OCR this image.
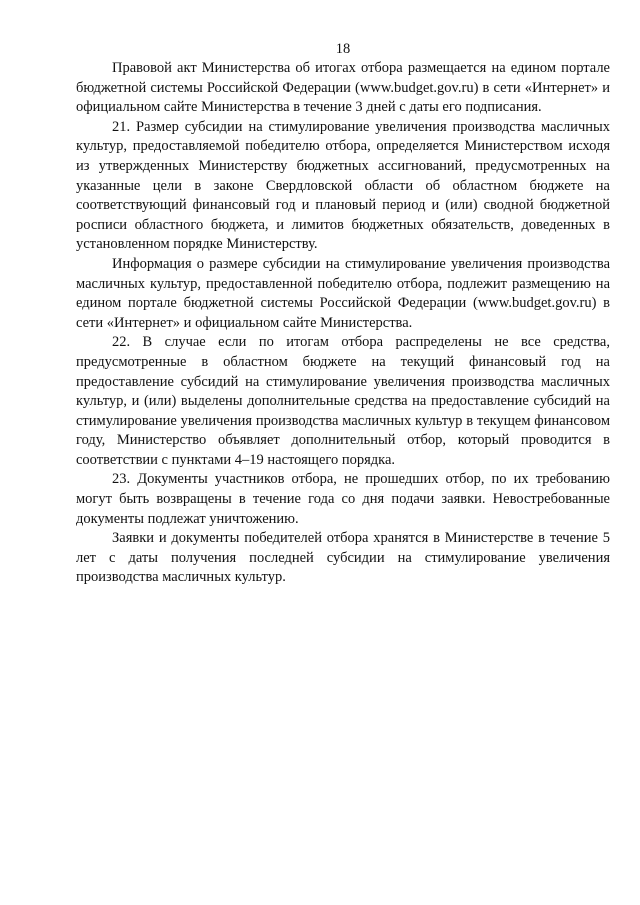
18

Правовой акт Министерства об итогах отбора размещается на едином портале бюджетной системы Российской Федерации (www.budget.gov.ru) в сети «Интернет» и официальном сайте Министерства в течение 3 дней с даты его подписания.

21. Размер субсидии на стимулирование увеличения производства масличных культур, предоставляемой победителю отбора, определяется Министерством исходя из утвержденных Министерству бюджетных ассигнований, предусмотренных на указанные цели в законе Свердловской области об областном бюджете на соответствующий финансовый год и плановый период и (или) сводной бюджетной росписи областного бюджета, и лимитов бюджетных обязательств, доведенных в установленном порядке Министерству.

Информация о размере субсидии на стимулирование увеличения производства масличных культур, предоставленной победителю отбора, подлежит размещению на едином портале бюджетной системы Российской Федерации (www.budget.gov.ru) в сети «Интернет» и официальном сайте Министерства.

22. В случае если по итогам отбора распределены не все средства, предусмотренные в областном бюджете на текущий финансовый год на предоставление субсидий на стимулирование увеличения производства масличных культур, и (или) выделены дополнительные средства на предоставление субсидий на стимулирование увеличения производства масличных культур в текущем финансовом году, Министерство объявляет дополнительный отбор, который проводится в соответствии с пунктами 4–19 настоящего порядка.

23. Документы участников отбора, не прошедших отбор, по их требованию могут быть возвращены в течение года со дня подачи заявки. Невостребованные документы подлежат уничтожению.

Заявки и документы победителей отбора хранятся в Министерстве в течение 5 лет с даты получения последней субсидии на стимулирование увеличения производства масличных культур.
